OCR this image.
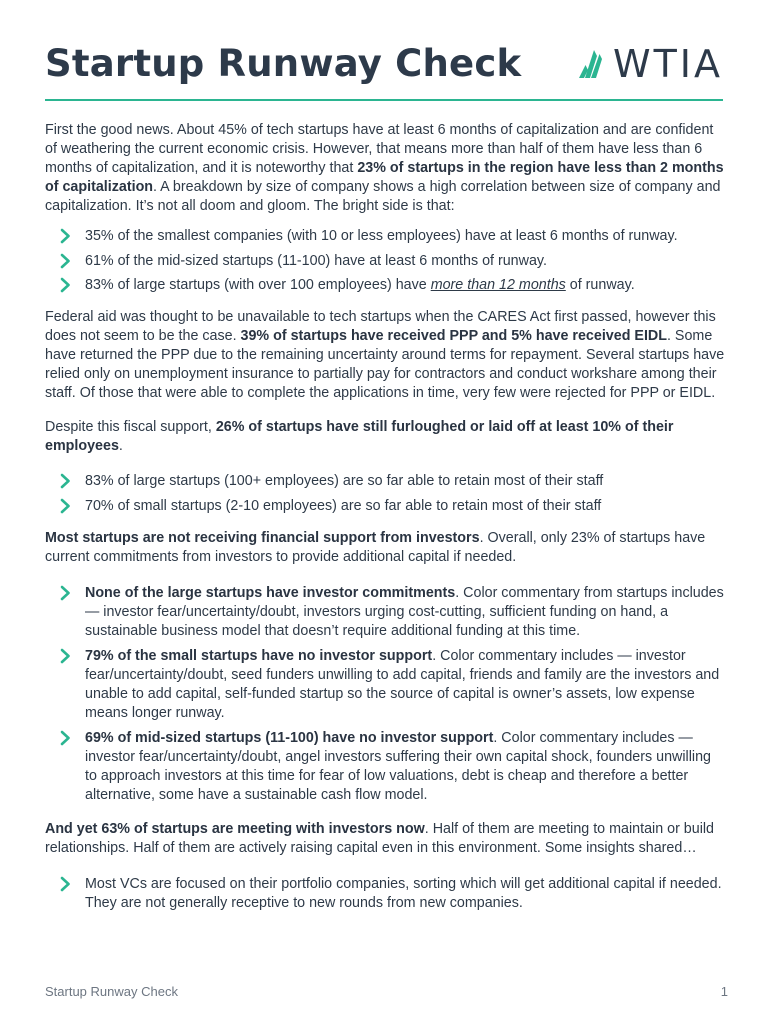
Startup Runway Check WTIA

First the good news. About 45% of tech startups have at least 6 months of capitalization and are confident of weathering the current economic crisis. However, that means more than half of them have less than 6 months of capitalization, and it is noteworthy that 23% of startups in the region have less than 2 months of capitalization. A breakdown by size of company shows a high correlation between size of company and capitalization. It’s not all doom and gloom. The bright side is that:

35% of the smallest companies (with 10 or less employees) have at least 6 months of runway.
61% of the mid-sized startups (11-100) have at least 6 months of runway.
83% of large startups (with over 100 employees) have more than 12 months of runway.

Federal aid was thought to be unavailable to tech startups when the CARES Act first passed, however this does not seem to be the case. 39% of startups have received PPP and 5% have received EIDL. Some have returned the PPP due to the remaining uncertainty around terms for repayment. Several startups have relied only on unemployment insurance to partially pay for contractors and conduct workshare among their staff. Of those that were able to complete the applications in time, very few were rejected for PPP or EIDL.

Despite this fiscal support, 26% of startups have still furloughed or laid off at least 10% of their employees.

83% of large startups (100+ employees) are so far able to retain most of their staff
70% of small startups (2-10 employees) are so far able to retain most of their staff

Most startups are not receiving financial support from investors. Overall, only 23% of startups have current commitments from investors to provide additional capital if needed.

None of the large startups have investor commitments. Color commentary from startups includes — investor fear/uncertainty/doubt, investors urging cost-cutting, sufficient funding on hand, a sustainable business model that doesn’t require additional funding at this time.
79% of the small startups have no investor support. Color commentary includes — investor fear/uncertainty/doubt, seed funders unwilling to add capital, friends and family are the investors and unable to add capital, self-funded startup so the source of capital is owner’s assets, low expense means longer runway.
69% of mid-sized startups (11-100) have no investor support. Color commentary includes — investor fear/uncertainty/doubt, angel investors suffering their own capital shock, founders unwilling to approach investors at this time for fear of low valuations, debt is cheap and therefore a better alternative, some have a sustainable cash flow model.

And yet 63% of startups are meeting with investors now. Half of them are meeting to maintain or build relationships. Half of them are actively raising capital even in this environment. Some insights shared…

Most VCs are focused on their portfolio companies, sorting which will get additional capital if needed. They are not generally receptive to new rounds from new companies.
Startup Runway Check	1
